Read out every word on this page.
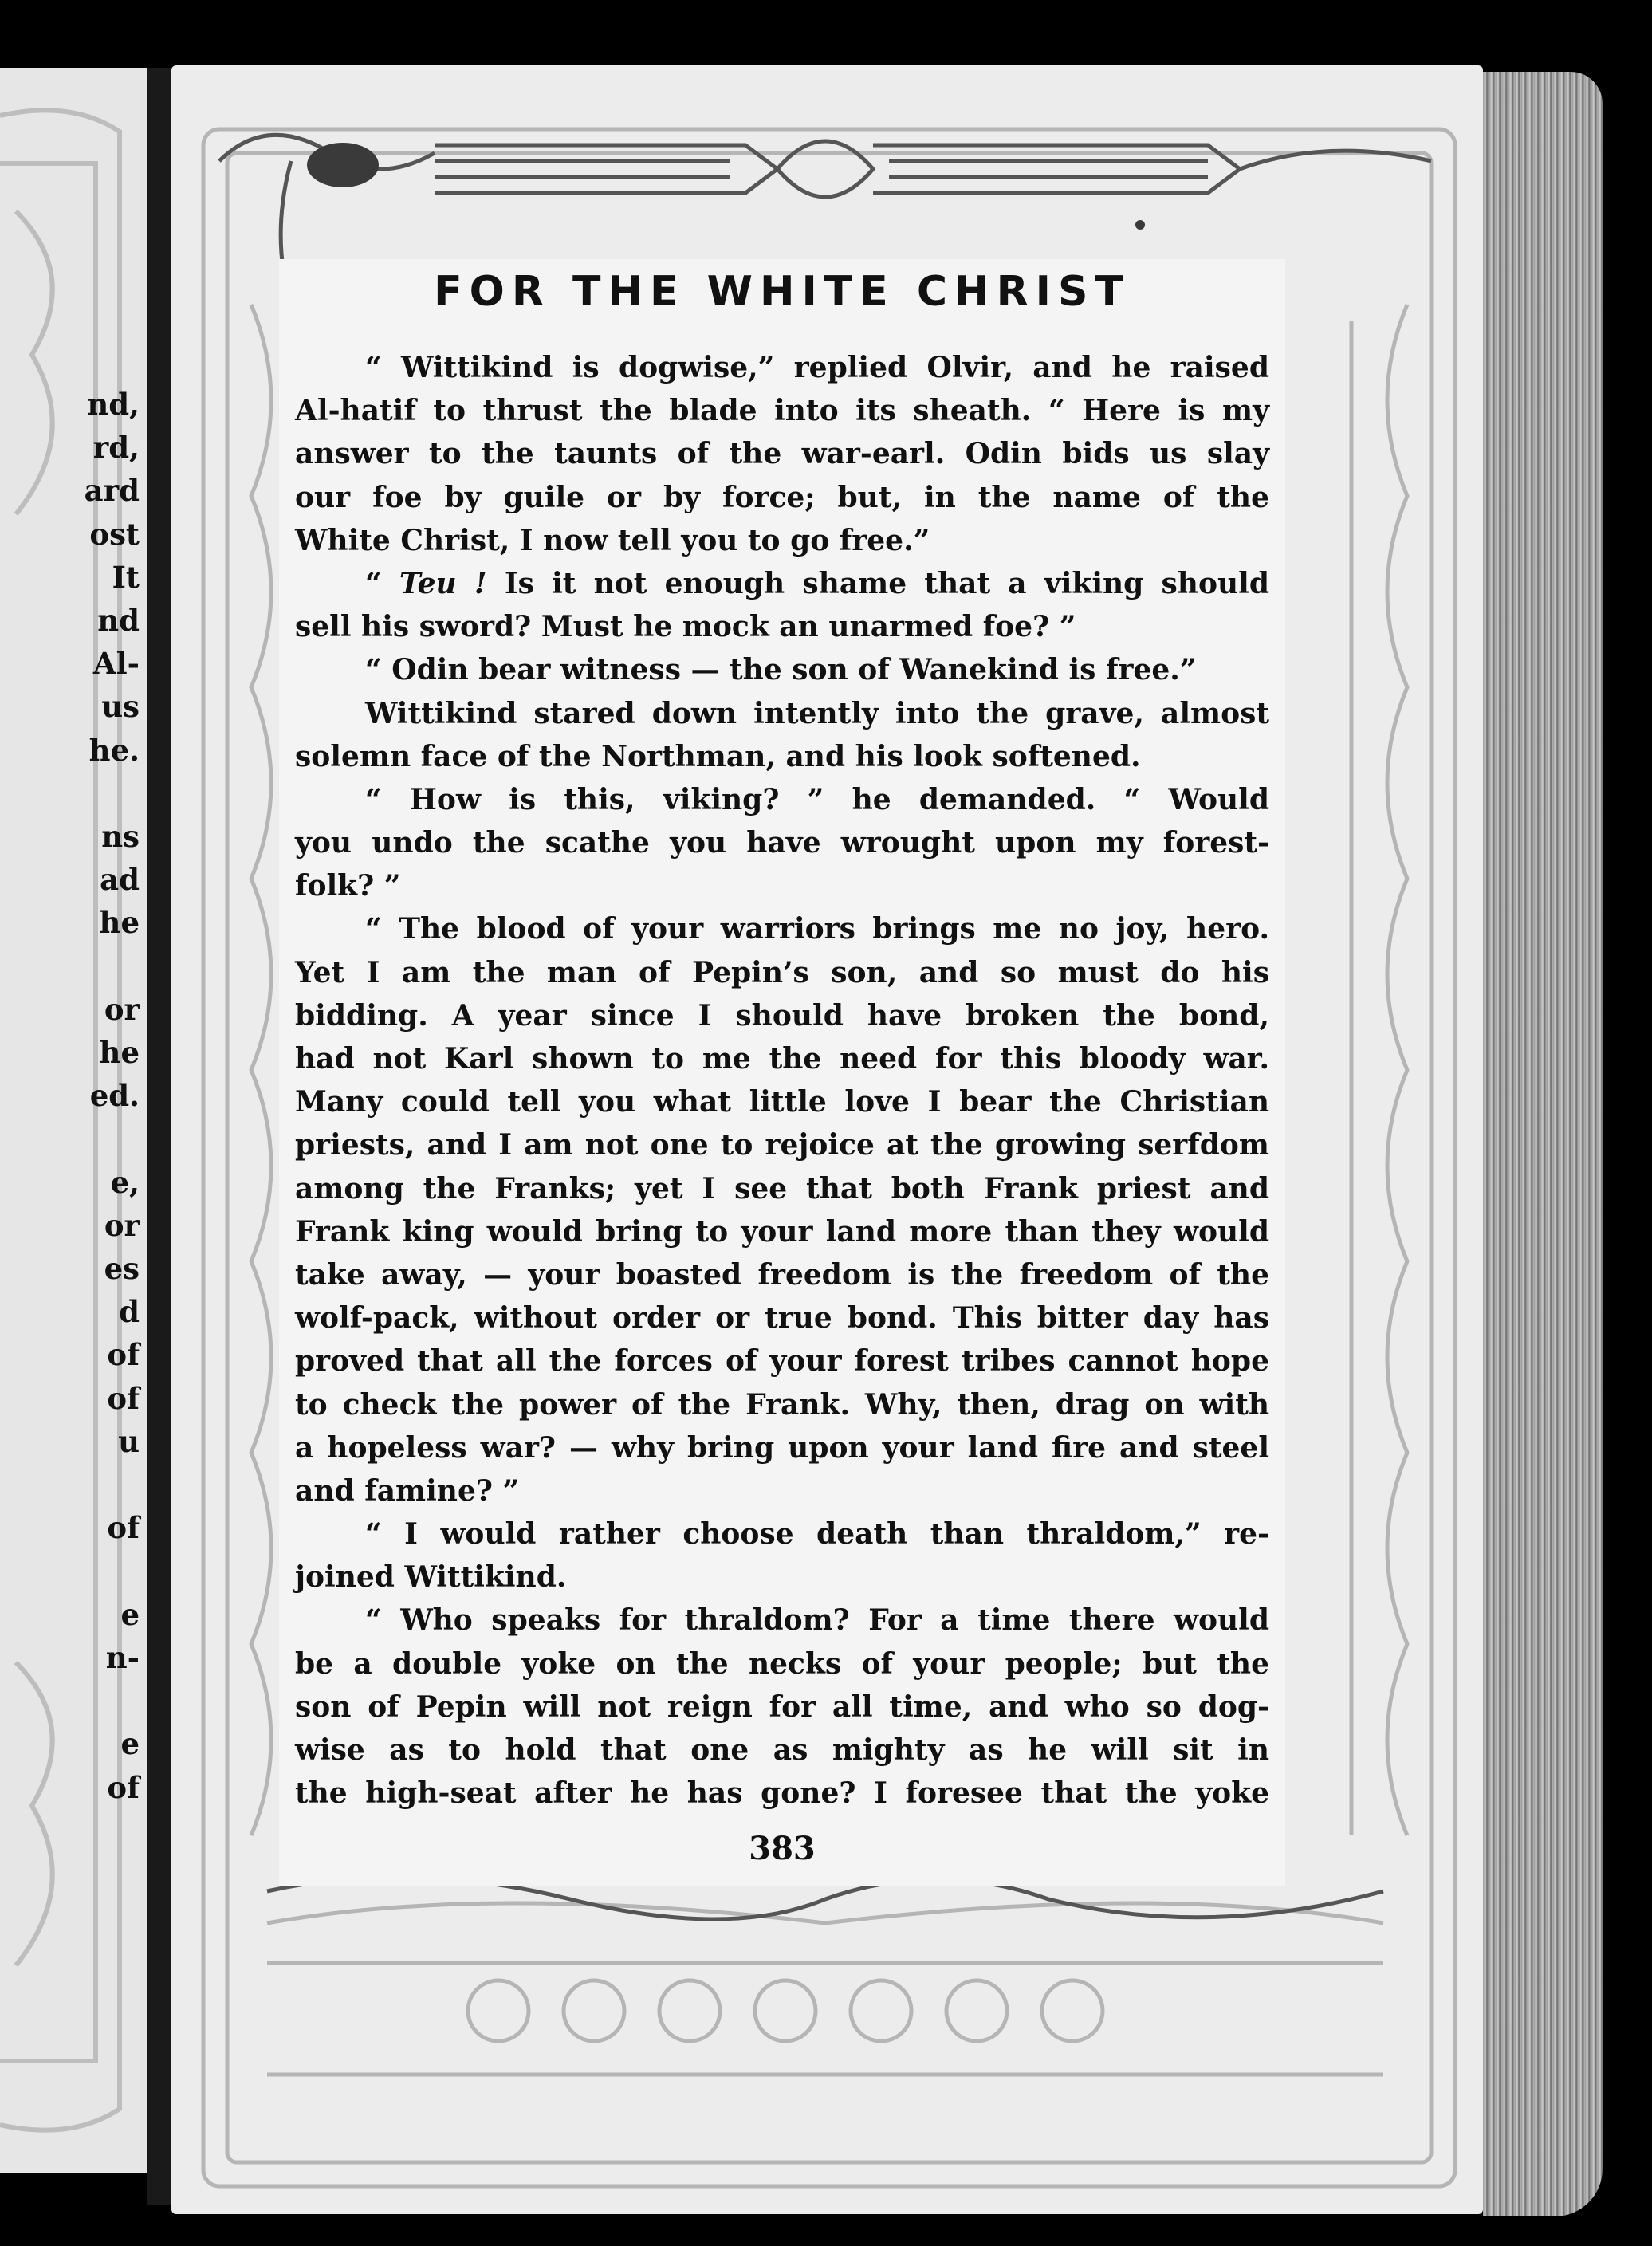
nd,
rd,
ard
ost
It
nd
Al-
us
he.

ns
ad
he

or
he
ed.

e,
or
es
d
of
of
u

of

e
n-

e
of
FOR THE WHITE CHRIST
“ Wittikind is dogwise,” replied Olvir, and he raised
Al-hatif to thrust the blade into its sheath. “ Here is my
answer to the taunts of the war-earl. Odin bids us slay
our foe by guile or by force; but, in the name of the
White Christ, I now tell you to go free.”
“ Teu ! Is it not enough shame that a viking should
sell his sword? Must he mock an unarmed foe? ”
“ Odin bear witness — the son of Wanekind is free.”
Wittikind stared down intently into the grave, almost
solemn face of the Northman, and his look softened.
“ How is this, viking? ” he demanded. “ Would
you undo the scathe you have wrought upon my forest-
folk? ”
“ The blood of your warriors brings me no joy, hero.
Yet I am the man of Pepin’s son, and so must do his
bidding. A year since I should have broken the bond,
had not Karl shown to me the need for this bloody war.
Many could tell you what little love I bear the Christian
priests, and I am not one to rejoice at the growing serfdom
among the Franks; yet I see that both Frank priest and
Frank king would bring to your land more than they would
take away, — your boasted freedom is the freedom of the
wolf-pack, without order or true bond. This bitter day has
proved that all the forces of your forest tribes cannot hope
to check the power of the Frank. Why, then, drag on with
a hopeless war? — why bring upon your land fire and steel
and famine? ”
“ I would rather choose death than thraldom,” re-
joined Wittikind.
“ Who speaks for thraldom? For a time there would
be a double yoke on the necks of your people; but the
son of Pepin will not reign for all time, and who so dog-
wise as to hold that one as mighty as he will sit in
the high-seat after he has gone? I foresee that the yoke
383
